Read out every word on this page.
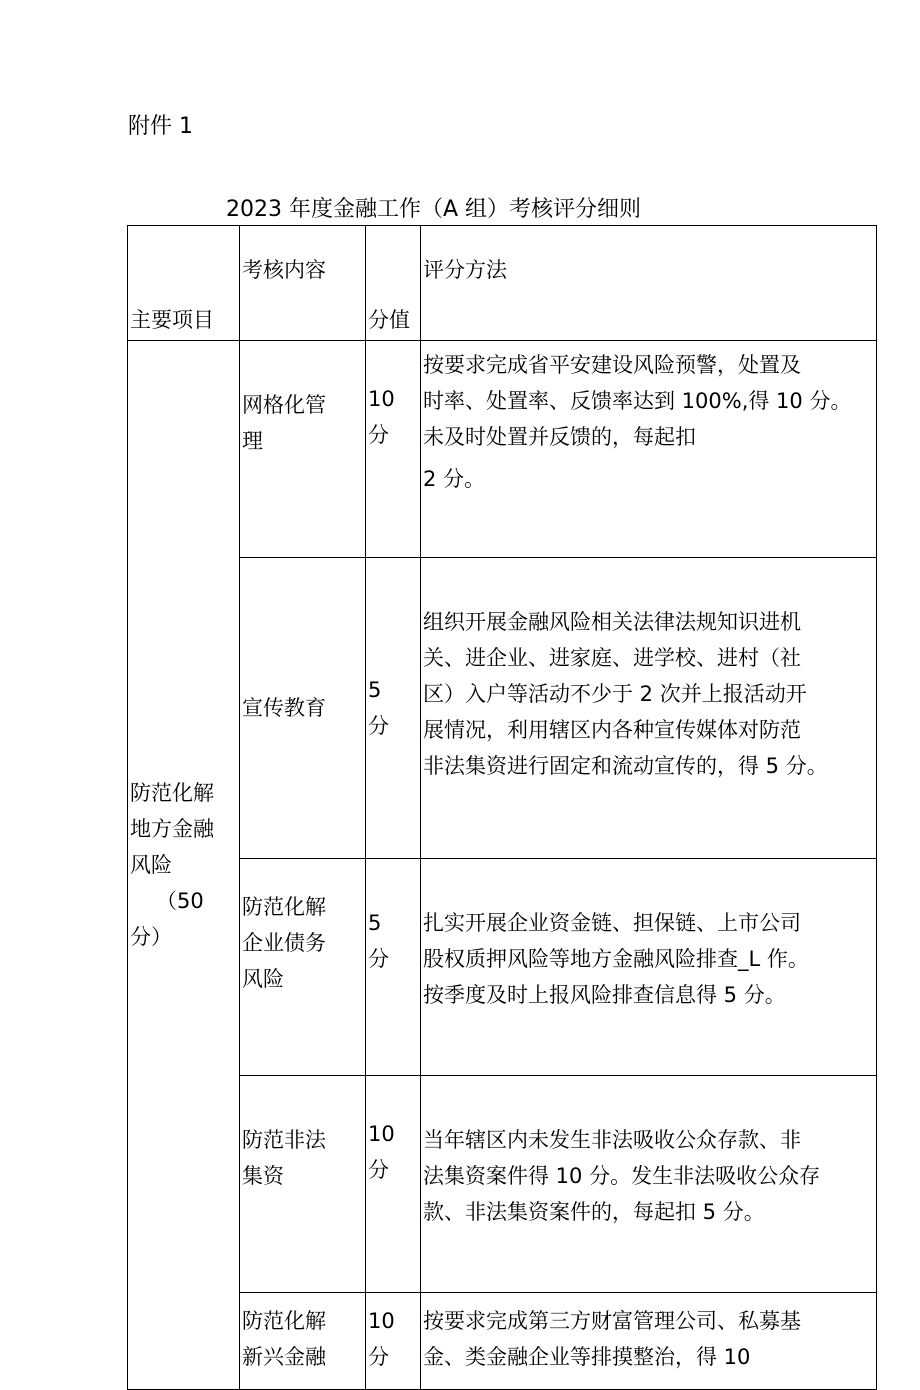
附件 1
2023 年度金融工作（A 组）考核评分细则
主要项目	考核内容	分值	评分方法

防范化解
地方金融
风险
（50
分）	网格化管
理	10
分	按要求完成省平安建设风险预警，处置及
时率、处置率、反馈率达到 100%,得 10 分。
未及时处置并反馈的，每起扣
2 分。

	宣传教育	5
分	组织开展金融风险相关法律法规知识进机
关、进企业、进家庭、进学校、进村（社
区）入户等活动不少于 2 次并上报活动开
展情况，利用辖区内各种宣传媒体对防范
非法集资进行固定和流动宣传的，得 5 分。

	防范化解
企业债务
风险	5
分	扎实开展企业资金链、担保链、上市公司
股权质押风险等地方金融风险排查_L 作。
按季度及时上报风险排查信息得 5 分。

	防范非法
集资	10
分	当年辖区内未发生非法吸收公众存款、非
法集资案件得 10 分。发生非法吸收公众存
款、非法集资案件的，每起扣 5 分。

	防范化解
新兴金融	10
分	按要求完成第三方财富管理公司、私募基
金、类金融企业等排摸整治，得 10
